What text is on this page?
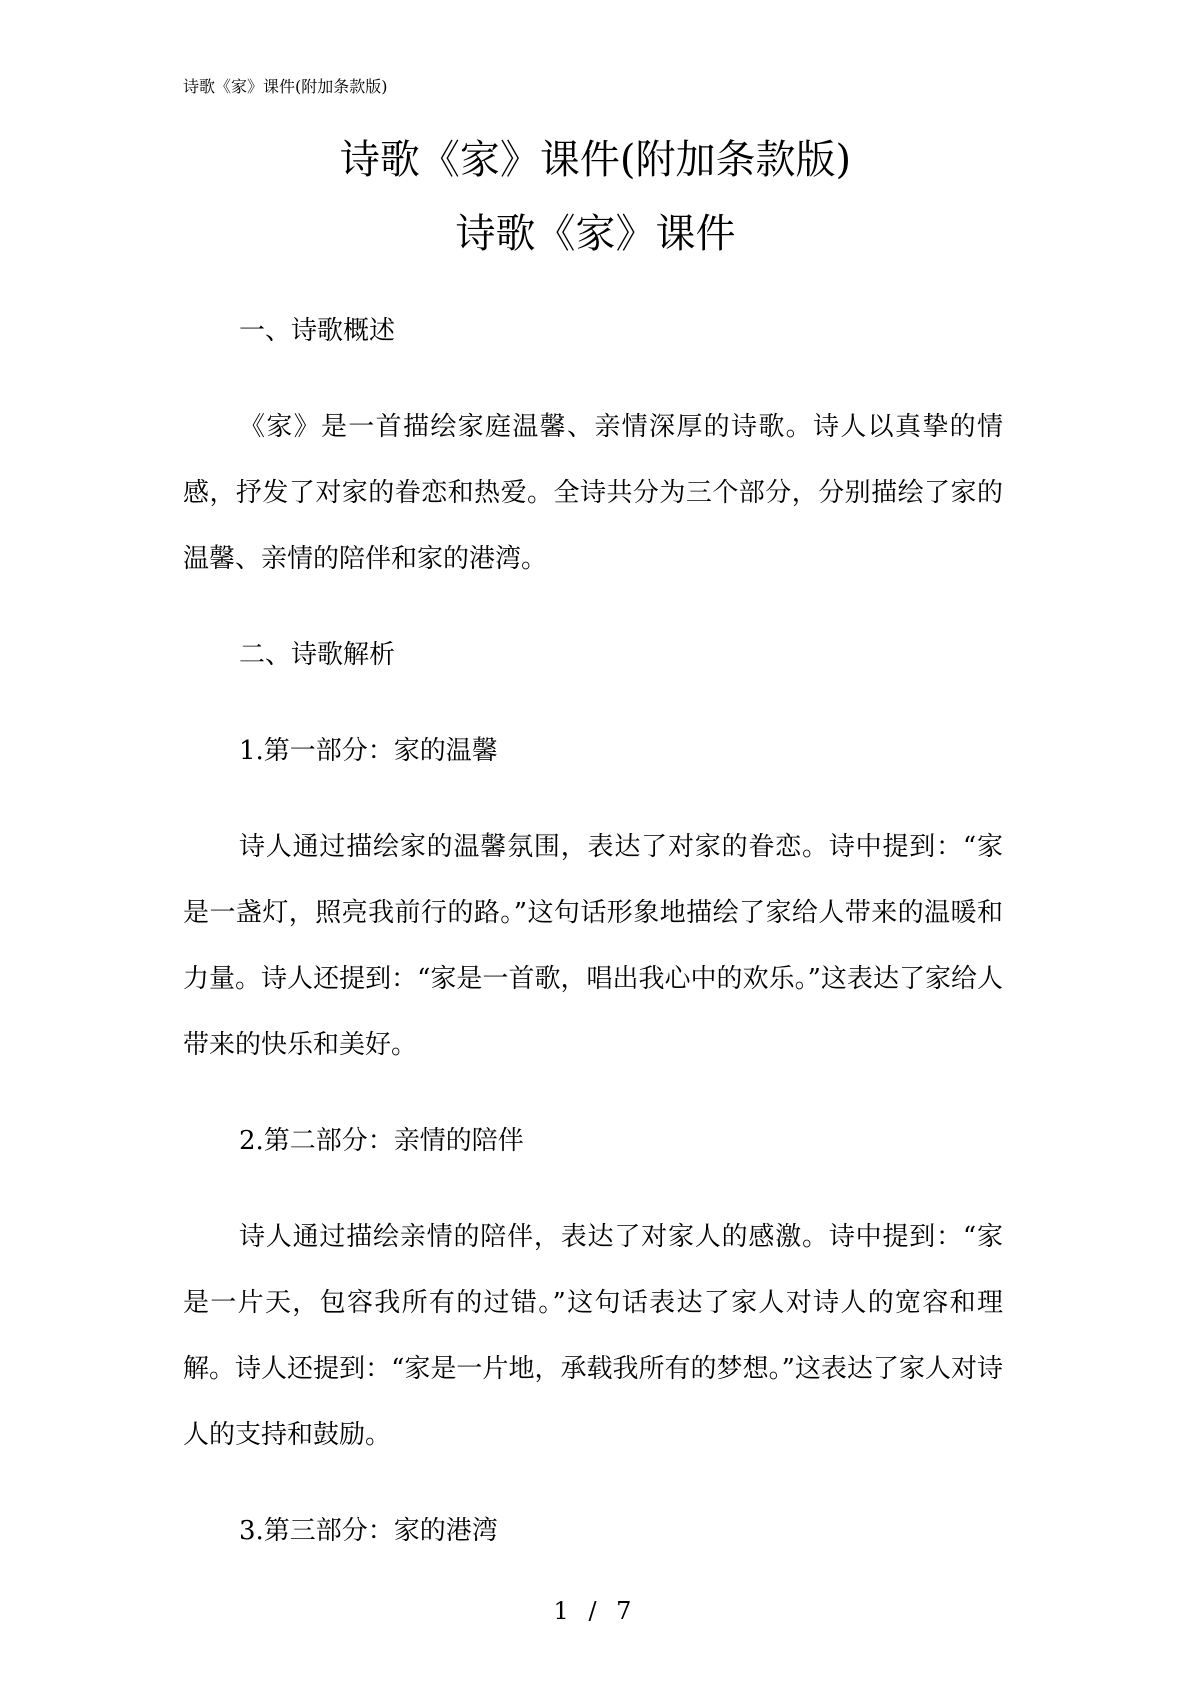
诗歌《家》课件(附加条款版)
诗歌《家》课件(附加条款版)
诗歌《家》课件

一、诗歌概述

《家》是一首描绘家庭温馨、亲情深厚的诗歌。诗人以真挚的情感，抒发了对家的眷恋和热爱。全诗共分为三个部分，分别描绘了家的温馨、亲情的陪伴和家的港湾。

二、诗歌解析

1.第一部分：家的温馨

诗人通过描绘家的温馨氛围，表达了对家的眷恋。诗中提到：“家是一盏灯，照亮我前行的路。”这句话形象地描绘了家给人带来的温暖和力量。诗人还提到：“家是一首歌，唱出我心中的欢乐。”这表达了家给人带来的快乐和美好。

2.第二部分：亲情的陪伴

诗人通过描绘亲情的陪伴，表达了对家人的感激。诗中提到：“家是一片天，包容我所有的过错。”这句话表达了家人对诗人的宽容和理解。诗人还提到：“家是一片地，承载我所有的梦想。”这表达了家人对诗人的支持和鼓励。

3.第三部分：家的港湾

1 / 7
